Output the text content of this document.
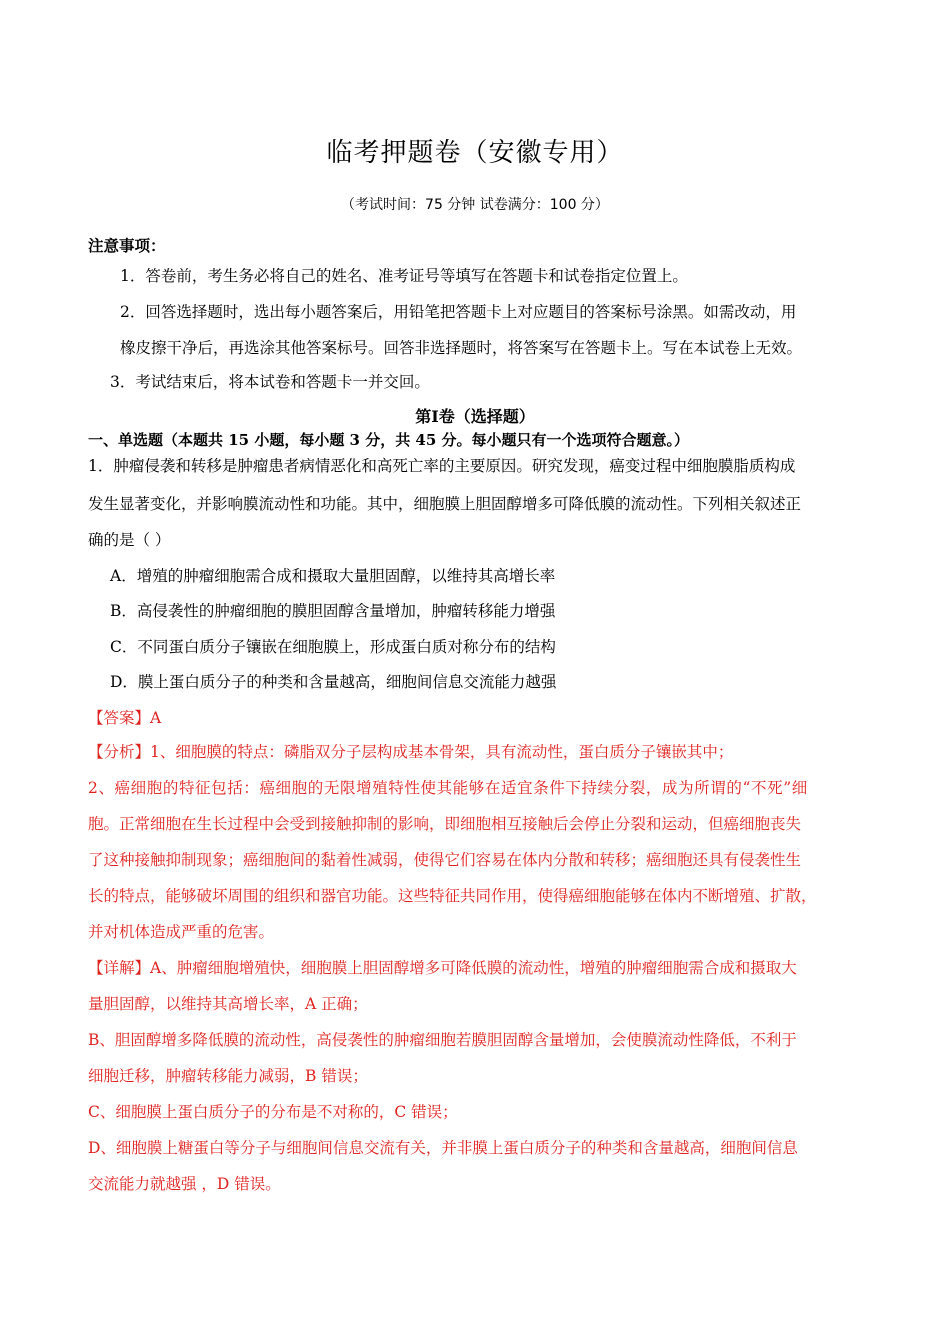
临考押题卷（安徽专用）
（考试时间：75 分钟 试卷满分：100 分）
注意事项：
1．答卷前，考生务必将自己的姓名、准考证号等填写在答题卡和试卷指定位置上。
2．回答选择题时，选出每小题答案后，用铅笔把答题卡上对应题目的答案标号涂黑。如需改动，用
橡皮擦干净后，再选涂其他答案标号。回答非选择题时，将答案写在答题卡上。写在本试卷上无效。
3．考试结束后，将本试卷和答题卡一并交回。
第Ⅰ卷（选择题）
一、单选题（本题共 15 小题，每小题 3 分，共 45 分。每小题只有一个选项符合题意。）
1．肿瘤侵袭和转移是肿瘤患者病情恶化和高死亡率的主要原因。研究发现，癌变过程中细胞膜脂质构成
发生显著变化，并影响膜流动性和功能。其中，细胞膜上胆固醇增多可降低膜的流动性。下列相关叙述正
确的是（ ）
A．增殖的肿瘤细胞需合成和摄取大量胆固醇，以维持其高增长率
B．高侵袭性的肿瘤细胞的膜胆固醇含量增加，肿瘤转移能力增强
C．不同蛋白质分子镶嵌在细胞膜上，形成蛋白质对称分布的结构
D．膜上蛋白质分子的种类和含量越高，细胞间信息交流能力越强
【答案】A
【分析】1、细胞膜的特点：磷脂双分子层构成基本骨架，具有流动性，蛋白质分子镶嵌其中；
2、癌细胞的特征包括：癌细胞的无限增殖特性使其能够在适宜条件下持续分裂，成为所谓的“不死”细
胞。正常细胞在生长过程中会受到接触抑制的影响，即细胞相互接触后会停止分裂和运动，但癌细胞丧失
了这种接触抑制现象；癌细胞间的黏着性减弱，使得它们容易在体内分散和转移；癌细胞还具有侵袭性生
长的特点，能够破坏周围的组织和器官功能。这些特征共同作用，使得癌细胞能够在体内不断增殖、扩散，
并对机体造成严重的危害。
【详解】A、肿瘤细胞增殖快，细胞膜上胆固醇增多可降低膜的流动性，增殖的肿瘤细胞需合成和摄取大
量胆固醇，以维持其高增长率，A 正确；
B、胆固醇增多降低膜的流动性，高侵袭性的肿瘤细胞若膜胆固醇含量增加，会使膜流动性降低，不利于
细胞迁移，肿瘤转移能力减弱，B 错误；
C、细胞膜上蛋白质分子的分布是不对称的，C 错误；
D、细胞膜上糖蛋白等分子与细胞间信息交流有关，并非膜上蛋白质分子的种类和含量越高，细胞间信息
交流能力就越强 ，D 错误。
